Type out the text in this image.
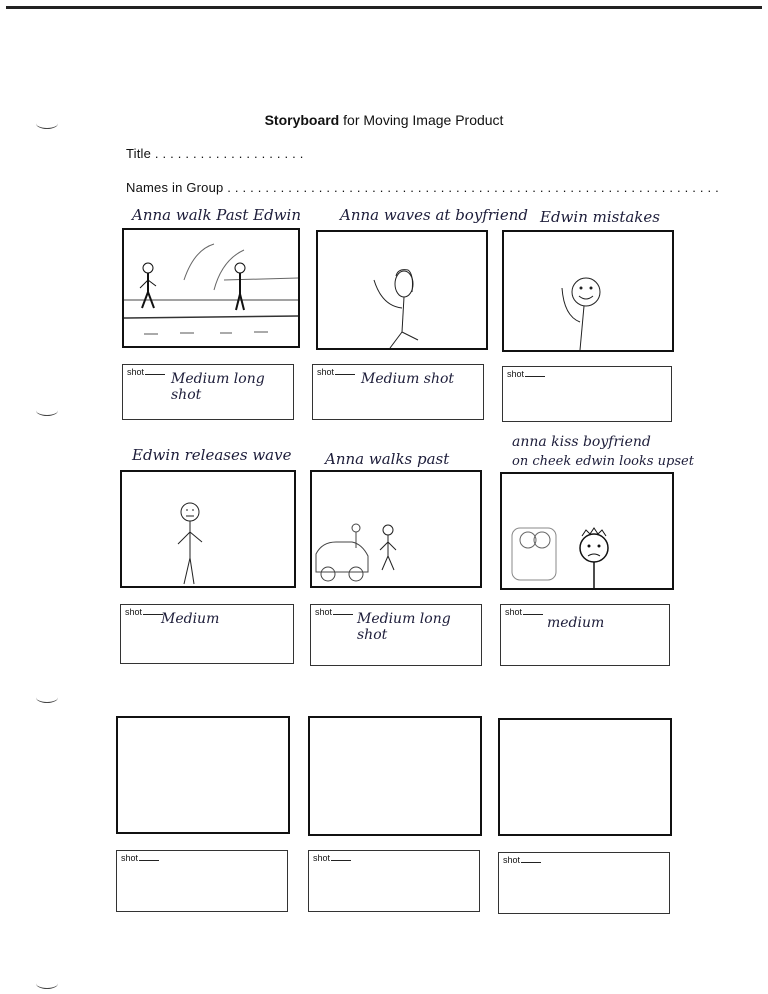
Storyboard for Moving Image Product
Title . . . . . . . . . . . . . . . . . . . .
Names in Group . . . . . . . . . . . . . . . . . . . . . . . . . . . . . . . . . . . . . . . . . . . . . . . . . . . . . . . . . . . . . . . . .
Anna walk Past Edwin	Anna waves at boyfriend Edwin mistakes
shot Medium long shot
shot Medium shot	shot
Edwin releases wave Anna walks past
anna kiss boyfriend
on cheek edwin looks upset
shot Medium	shot Medium long shot
shot
medium
shot	shot	shot
